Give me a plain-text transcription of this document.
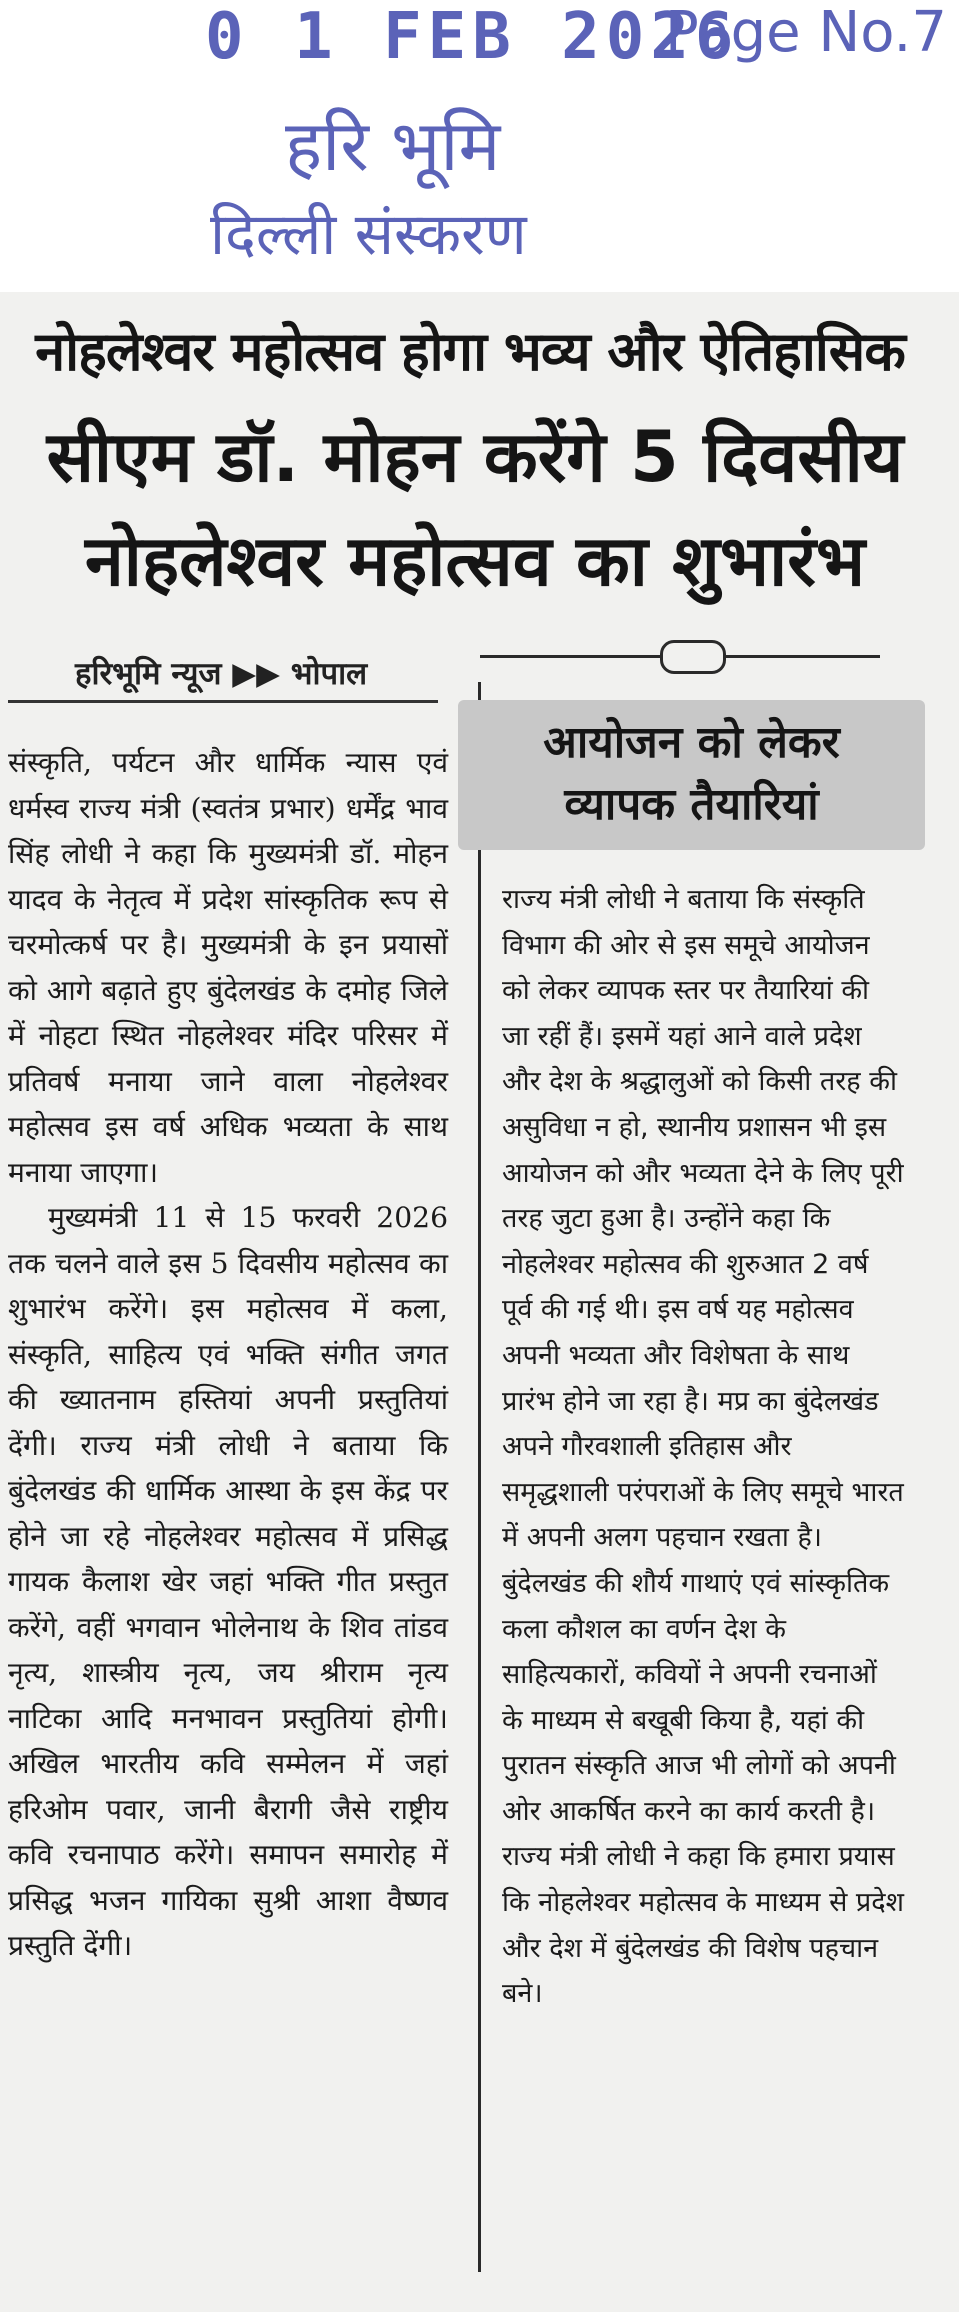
0 1 FEB 2026
Page No.7
हरि भूमि
दिल्ली संस्करण
नोहलेश्वर महोत्सव होगा भव्य और ऐतिहासिक
सीएम डॉ. मोहन करेंगे 5 दिवसीय
नोहलेश्वर महोत्सव का शुभारंभ
हरिभूमि न्यूज ▶▶ भोपाल

संस्कृति, पर्यटन और धार्मिक न्यास एवं धर्मस्व राज्य मंत्री (स्वतंत्र प्रभार) धर्मेंद्र भाव सिंह लोधी ने कहा कि मुख्यमंत्री डॉ. मोहन यादव के नेतृत्व में प्रदेश सांस्कृतिक रूप से चरमोत्कर्ष पर है। मुख्यमंत्री के इन प्रयासों को आगे बढ़ाते हुए बुंदेलखंड के दमोह जिले में नोहटा स्थित नोहलेश्वर मंदिर परिसर में प्रतिवर्ष मनाया जाने वाला नोहलेश्वर महोत्सव इस वर्ष अधिक भव्यता के साथ मनाया जाएगा।

मुख्यमंत्री 11 से 15 फरवरी 2026 तक चलने वाले इस 5 दिवसीय महोत्सव का शुभारंभ करेंगे। इस महोत्सव में कला, संस्कृति, साहित्य एवं भक्ति संगीत जगत की ख्यातनाम हस्तियां अपनी प्रस्तुतियां देंगी। राज्य मंत्री लोधी ने बताया कि बुंदेलखंड की धार्मिक आस्था के इस केंद्र पर होने जा रहे नोहलेश्वर महोत्सव में प्रसिद्ध गायक कैलाश खेर जहां भक्ति गीत प्रस्तुत करेंगे, वहीं भगवान भोलेनाथ के शिव तांडव नृत्य, शास्त्रीय नृत्य, जय श्रीराम नृत्य नाटिका आदि मनभावन प्रस्तुतियां होगी। अखिल भारतीय कवि सम्मेलन में जहां हरिओम पवार, जानी बैरागी जैसे राष्ट्रीय कवि रचनापाठ करेंगे। समापन समारोह में प्रसिद्ध भजन गायिका सुश्री आशा वैष्णव प्रस्तुति देंगी।

आयोजन को लेकर
व्यापक तैयारियां

राज्य मंत्री लोधी ने बताया कि संस्कृति विभाग की ओर से इस समूचे आयोजन को लेकर व्यापक स्तर पर तैयारियां की जा रहीं हैं। इसमें यहां आने वाले प्रदेश और देश के श्रद्धालुओं को किसी तरह की असुविधा न हो, स्थानीय प्रशासन भी इस आयोजन को और भव्यता देने के लिए पूरी तरह जुटा हुआ है। उन्होंने कहा कि नोहलेश्वर महोत्सव की शुरुआत 2 वर्ष पूर्व की गई थी। इस वर्ष यह महोत्सव अपनी भव्यता और विशेषता के साथ प्रारंभ होने जा रहा है। मप्र का बुंदेलखंड अपने गौरवशाली इतिहास और समृद्धशाली परंपराओं के लिए समूचे भारत में अपनी अलग पहचान रखता है। बुंदेलखंड की शौर्य गाथाएं एवं सांस्कृतिक कला कौशल का वर्णन देश के साहित्यकारों, कवियों ने अपनी रचनाओं के माध्यम से बखूबी किया है, यहां की पुरातन संस्कृति आज भी लोगों को अपनी ओर आकर्षित करने का कार्य करती है। राज्य मंत्री लोधी ने कहा कि हमारा प्रयास कि नोहलेश्वर महोत्सव के माध्यम से प्रदेश और देश में बुंदेलखंड की विशेष पहचान बने।
